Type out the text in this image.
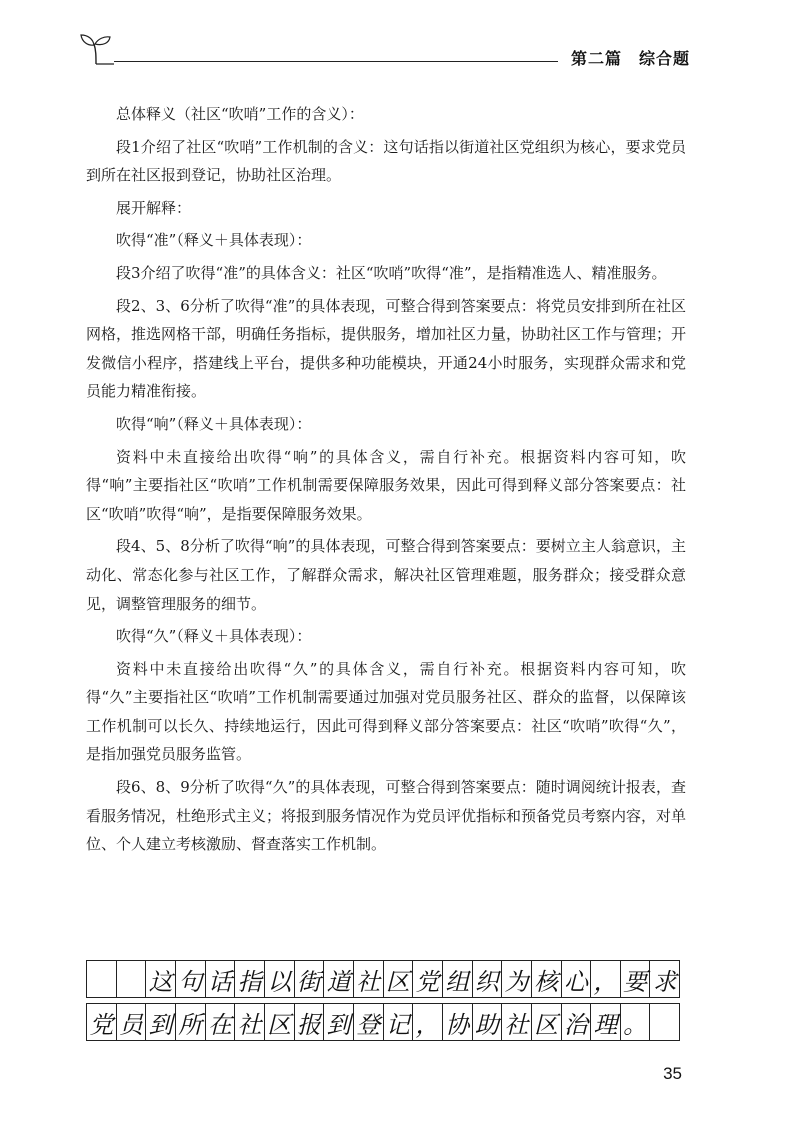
第二篇　综合题

总体释义（社区“吹哨”工作的含义）：

段1介绍了社区“吹哨”工作机制的含义：这句话指以街道社区党组织为核心，要求党员到所在社区报到登记，协助社区治理。

展开解释：

吹得“准”（释义＋具体表现）：

段3介绍了吹得“准”的具体含义：社区“吹哨”吹得“准”，是指精准选人、精准服务。

段2、3、6分析了吹得“准”的具体表现，可整合得到答案要点：将党员安排到所在社区网格，推选网格干部，明确任务指标，提供服务，增加社区力量，协助社区工作与管理；开发微信小程序，搭建线上平台，提供多种功能模块，开通24小时服务，实现群众需求和党员能力精准衔接。

吹得“响”（释义＋具体表现）：

资料中未直接给出吹得“响”的具体含义，需自行补充。根据资料内容可知，吹得“响”主要指社区“吹哨”工作机制需要保障服务效果，因此可得到释义部分答案要点：社区“吹哨”吹得“响”，是指要保障服务效果。

段4、5、8分析了吹得“响”的具体表现，可整合得到答案要点：要树立主人翁意识，主动化、常态化参与社区工作，了解群众需求，解决社区管理难题，服务群众；接受群众意见，调整管理服务的细节。

吹得“久”（释义＋具体表现）：

资料中未直接给出吹得“久”的具体含义，需自行补充。根据资料内容可知，吹得“久”主要指社区“吹哨”工作机制需要通过加强对党员服务社区、群众的监督，以保障该工作机制可以长久、持续地运行，因此可得到释义部分答案要点：社区“吹哨”吹得“久”，是指加强党员服务监管。

段6、8、9分析了吹得“久”的具体表现，可整合得到答案要点：随时调阅统计报表，查看服务情况，杜绝形式主义；将报到服务情况作为党员评优指标和预备党员考察内容，对单位、个人建立考核激励、督查落实工作机制。

这 句 话 指 以 街 道 社 区 党 组 织 为 核 心 ， 要 求
党 员 到 所 在 社 区 报 到 登 记 ， 协 助 社 区 治 理 。
35
